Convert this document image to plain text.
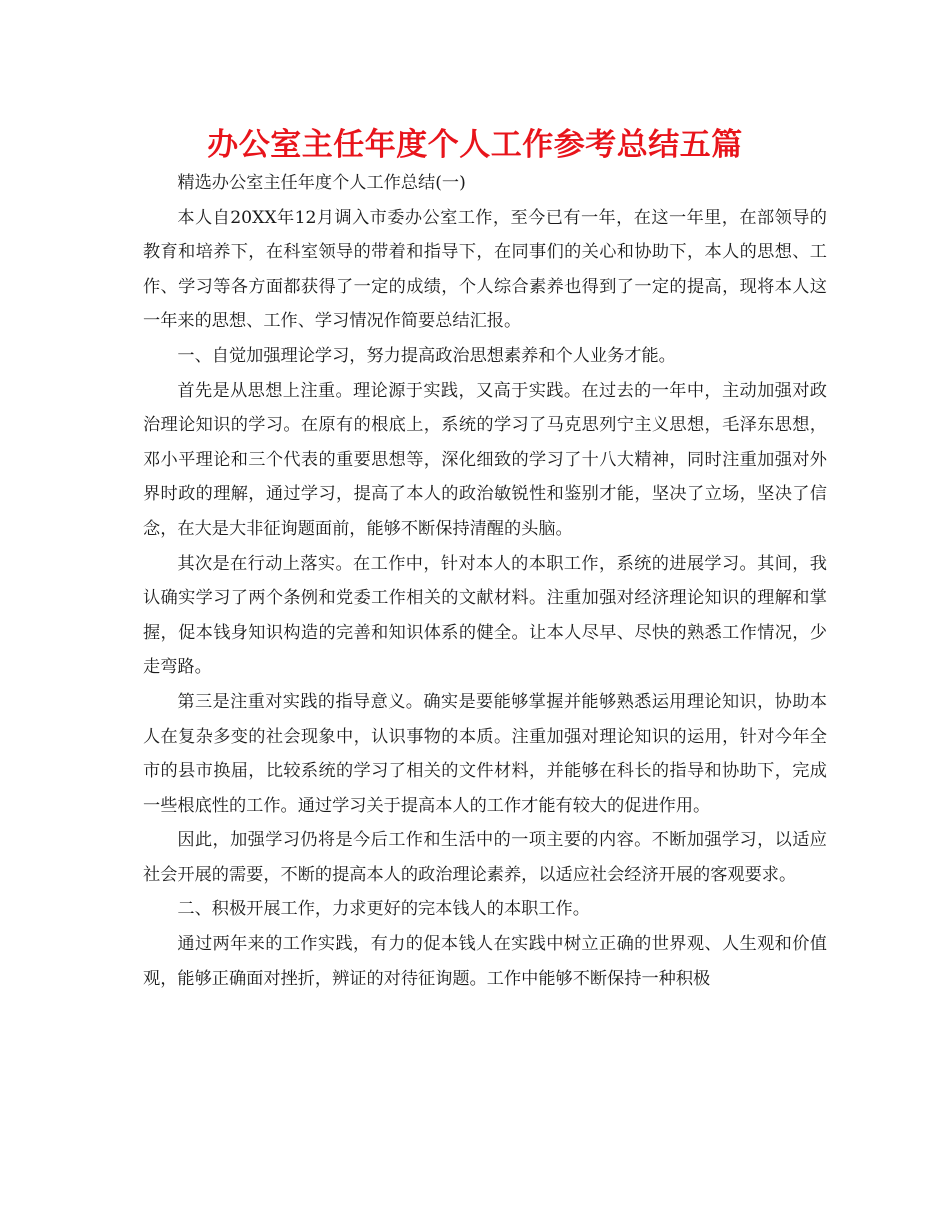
办公室主任年度个人工作参考总结五篇

精选办公室主任年度个人工作总结(一)

本人自20XX年12月调入市委办公室工作，至今已有一年，在这一年里，在部领导的教育和培养下，在科室领导的带着和指导下，在同事们的关心和协助下，本人的思想、工作、学习等各方面都获得了一定的成绩，个人综合素养也得到了一定的提高，现将本人这一年来的思想、工作、学习情况作简要总结汇报。

一、自觉加强理论学习，努力提高政治思想素养和个人业务才能。

首先是从思想上注重。理论源于实践，又高于实践。在过去的一年中，主动加强对政治理论知识的学习。在原有的根底上，系统的学习了马克思列宁主义思想，毛泽东思想，邓小平理论和三个代表的重要思想等，深化细致的学习了十八大精神，同时注重加强对外界时政的理解，通过学习，提高了本人的政治敏锐性和鉴别才能，坚决了立场，坚决了信念，在大是大非征询题面前，能够不断保持清醒的头脑。

其次是在行动上落实。在工作中，针对本人的本职工作，系统的进展学习。其间，我认确实学习了两个条例和党委工作相关的文献材料。注重加强对经济理论知识的理解和掌握，促本钱身知识构造的完善和知识体系的健全。让本人尽早、尽快的熟悉工作情况，少走弯路。

第三是注重对实践的指导意义。确实是要能够掌握并能够熟悉运用理论知识，协助本人在复杂多变的社会现象中，认识事物的本质。注重加强对理论知识的运用，针对今年全市的县市换届，比较系统的学习了相关的文件材料，并能够在科长的指导和协助下，完成一些根底性的工作。通过学习关于提高本人的工作才能有较大的促进作用。

因此，加强学习仍将是今后工作和生活中的一项主要的内容。不断加强学习，以适应社会开展的需要，不断的提高本人的政治理论素养，以适应社会经济开展的客观要求。

二、积极开展工作，力求更好的完本钱人的本职工作。

通过两年来的工作实践，有力的促本钱人在实践中树立正确的世界观、人生观和价值观，能够正确面对挫折，辨证的对待征询题。工作中能够不断保持一种积极
